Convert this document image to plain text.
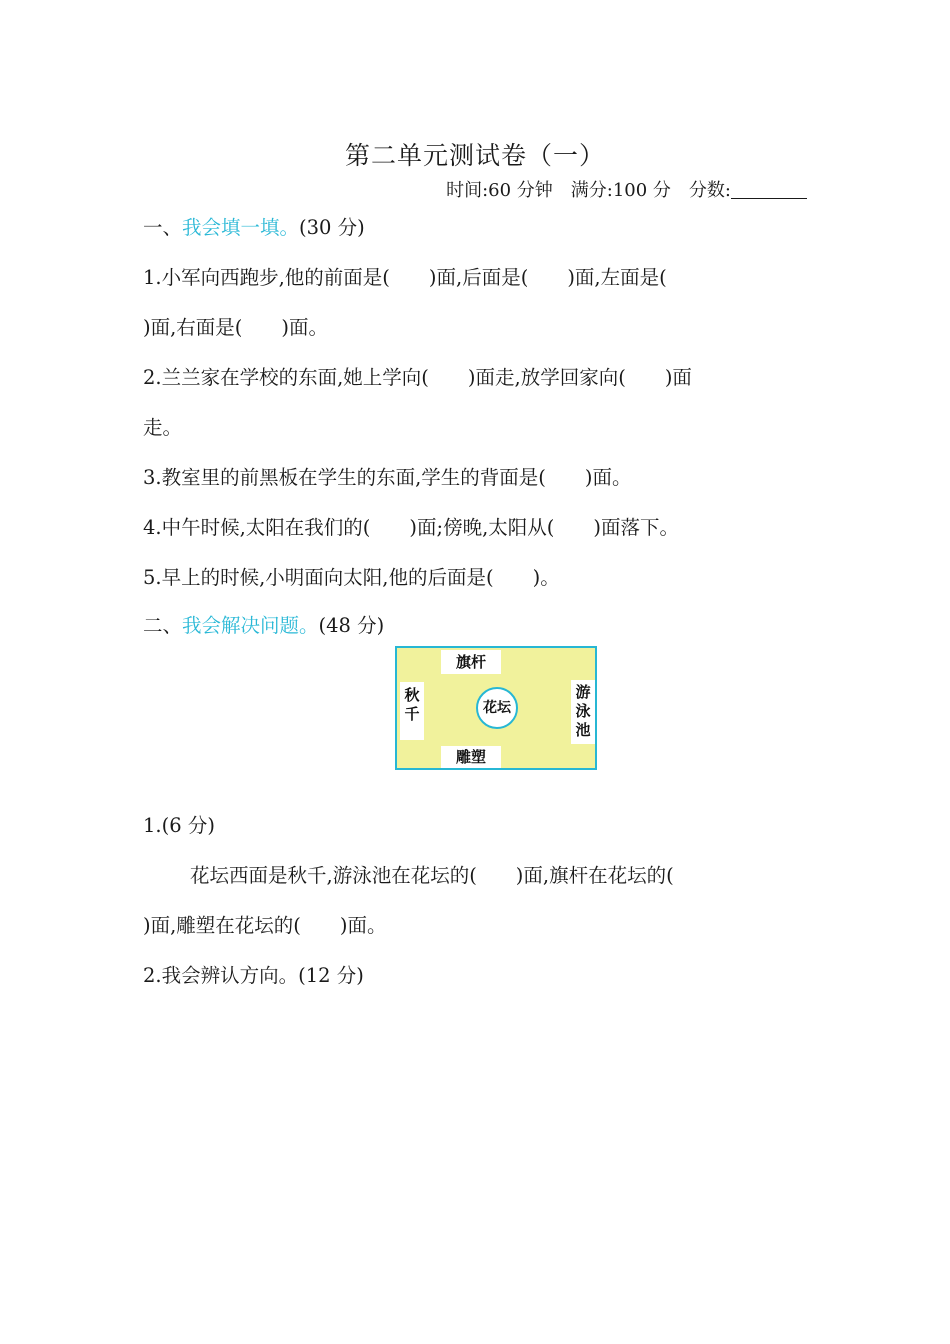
第二单元测试卷（一）
时间:60 分钟　满分:100 分　分数:
一、我会填一填。(30 分)
1.小军向西跑步,他的前面是(　　)面,后面是(　　)面,左面是(
)面,右面是(　　)面。
2.兰兰家在学校的东面,她上学向(　　)面走,放学回家向(　　)面
走。
3.教室里的前黑板在学生的东面,学生的背面是(　　)面。
4.中午时候,太阳在我们的(　　)面;傍晚,太阳从(　　)面落下。
5.早上的时候,小明面向太阳,他的后面是(　　)。
二、我会解决问题。(48 分)
旗杆
秋
千	花坛
游
泳
池
雕塑
1.(6 分)
花坛西面是秋千,游泳池在花坛的(　　)面,旗杆在花坛的(
)面,雕塑在花坛的(　　)面。
2.我会辨认方向。(12 分)
